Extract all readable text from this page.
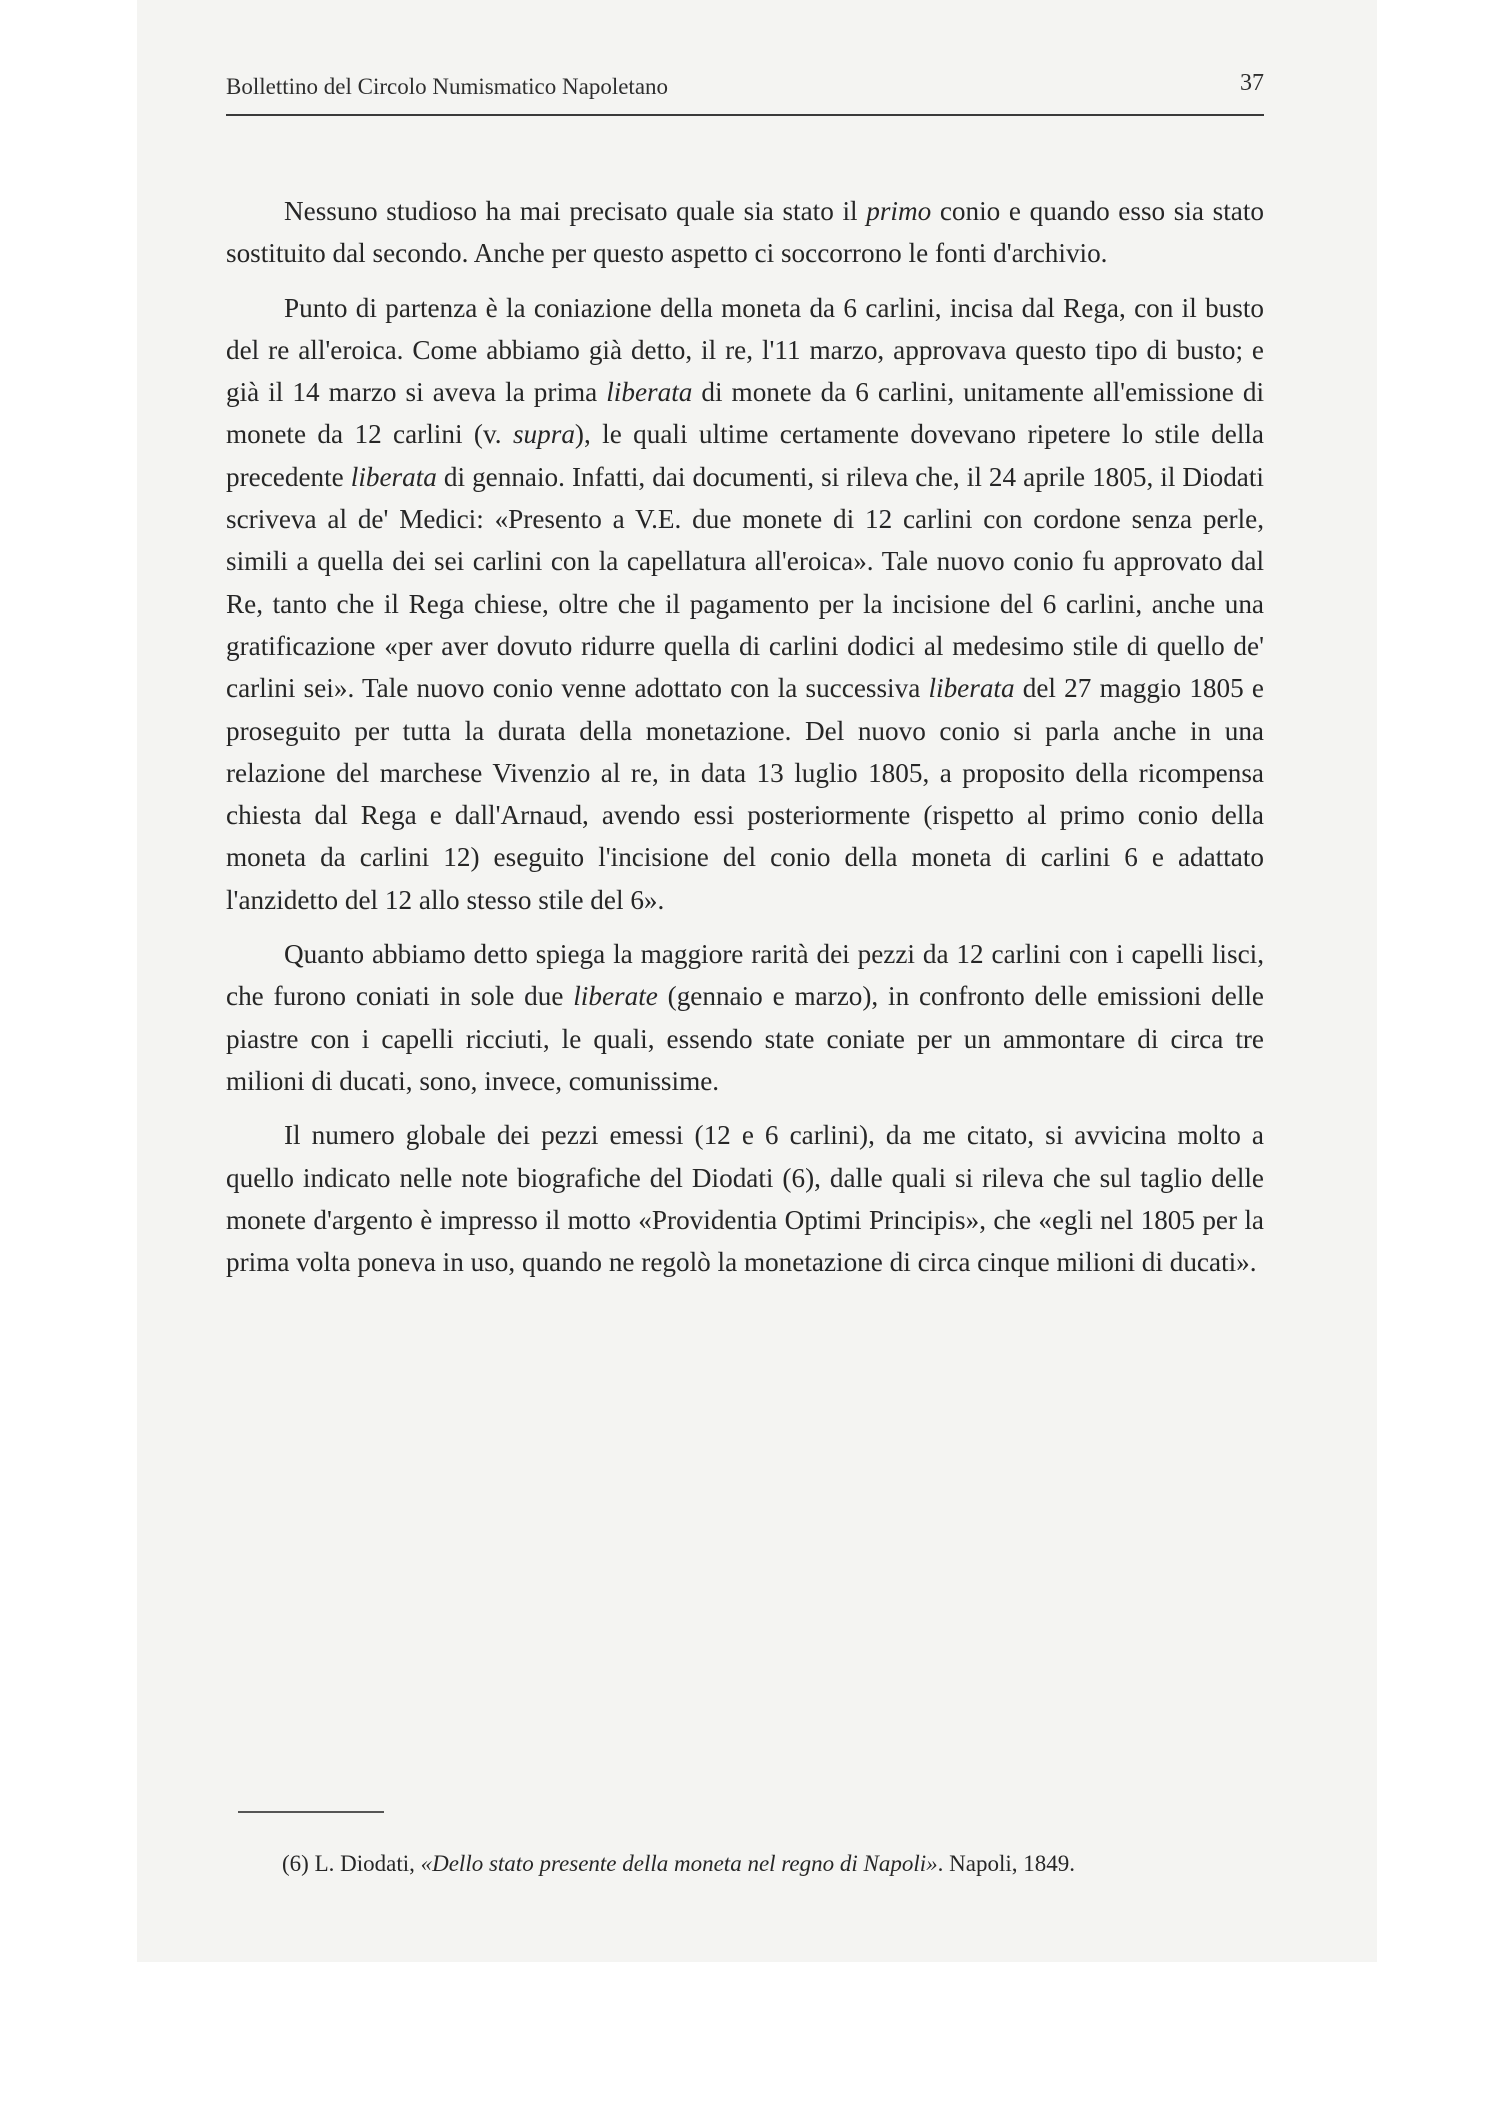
Bollettino del Circolo Numismatico Napoletano	37

Nessuno studioso ha mai precisato quale sia stato il primo conio e quando esso sia stato sostituito dal secondo. Anche per questo aspetto ci soccorrono le fonti d'archivio.

Punto di partenza è la coniazione della moneta da 6 carlini, incisa dal Rega, con il busto del re all'eroica. Come abbiamo già detto, il re, l'11 marzo, approvava questo tipo di busto; e già il 14 marzo si aveva la prima liberata di monete da 6 carlini, unitamente all'emissione di monete da 12 carlini (v. supra), le quali ultime certamente dovevano ripetere lo stile della precedente liberata di gennaio. Infatti, dai documenti, si rileva che, il 24 aprile 1805, il Diodati scriveva al de' Medici: «Presento a V.E. due monete di 12 carlini con cordone senza perle, simili a quella dei sei carlini con la capellatura all'eroica». Tale nuovo conio fu approvato dal Re, tanto che il Rega chiese, oltre che il pagamento per la incisione del 6 carlini, anche una gratificazione «per aver dovuto ridurre quella di carlini dodici al medesimo stile di quello de' carlini sei». Tale nuovo conio venne adottato con la successiva liberata del 27 maggio 1805 e proseguito per tutta la durata della monetazione. Del nuovo conio si parla anche in una relazione del marchese Vivenzio al re, in data 13 luglio 1805, a proposito della ricompensa chiesta dal Rega e dall'Arnaud, avendo essi posteriormente (rispetto al primo conio della moneta da carlini 12) eseguito l'incisione del conio della moneta di carlini 6 e adattato l'anzidetto del 12 allo stesso stile del 6».

Quanto abbiamo detto spiega la maggiore rarità dei pezzi da 12 carlini con i capelli lisci, che furono coniati in sole due liberate (gennaio e marzo), in confronto delle emissioni delle piastre con i capelli ricciuti, le quali, essendo state coniate per un ammontare di circa tre milioni di ducati, sono, invece, comunissime.

Il numero globale dei pezzi emessi (12 e 6 carlini), da me citato, si avvicina molto a quello indicato nelle note biografiche del Diodati (6), dalle quali si rileva che sul taglio delle monete d'argento è impresso il motto «Providentia Optimi Principis», che «egli nel 1805 per la prima volta poneva in uso, quando ne regolò la monetazione di circa cinque milioni di ducati».

(6) L. Diodati, «Dello stato presente della moneta nel regno di Napoli». Napoli, 1849.
